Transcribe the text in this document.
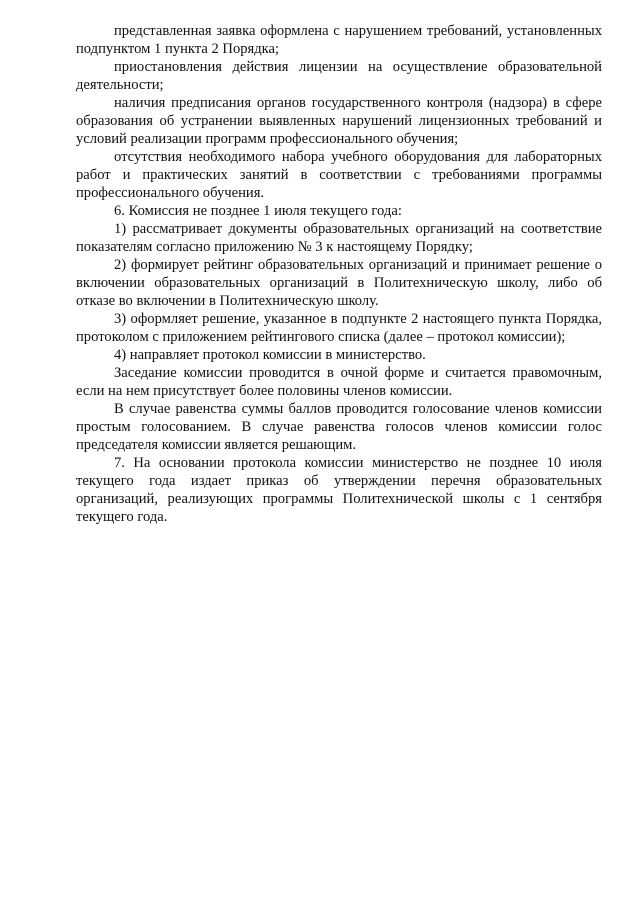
представленная заявка оформлена с нарушением требований, установленных подпунктом 1 пункта 2 Порядка;

приостановления действия лицензии на осуществление образовательной деятельности;

наличия предписания органов государственного контроля (надзора) в сфере образования об устранении выявленных нарушений лицензионных требований и условий реализации программ профессионального обучения;

отсутствия необходимого набора учебного оборудования для лабораторных работ и практических занятий в соответствии с требованиями программы профессионального обучения.

6. Комиссия не позднее 1 июля текущего года:

1) рассматривает документы образовательных организаций на соответствие показателям согласно приложению № 3 к настоящему Порядку;

2) формирует рейтинг образовательных организаций и принимает решение о включении образовательных организаций в Политехническую школу, либо об отказе во включении в Политехническую школу.

3) оформляет решение, указанное в подпункте 2 настоящего пункта Порядка, протоколом с приложением рейтингового списка (далее – протокол комиссии);

4) направляет протокол комиссии в министерство.

Заседание комиссии проводится в очной форме и считается правомочным, если на нем присутствует более половины членов комиссии.

В случае равенства суммы баллов проводится голосование членов комиссии простым голосованием. В случае равенства голосов членов комиссии голос председателя комиссии является решающим.

7. На основании протокола комиссии министерство не позднее 10 июля текущего года издает приказ об утверждении перечня образовательных организаций, реализующих программы Политехнической школы с 1 сентября текущего года.
